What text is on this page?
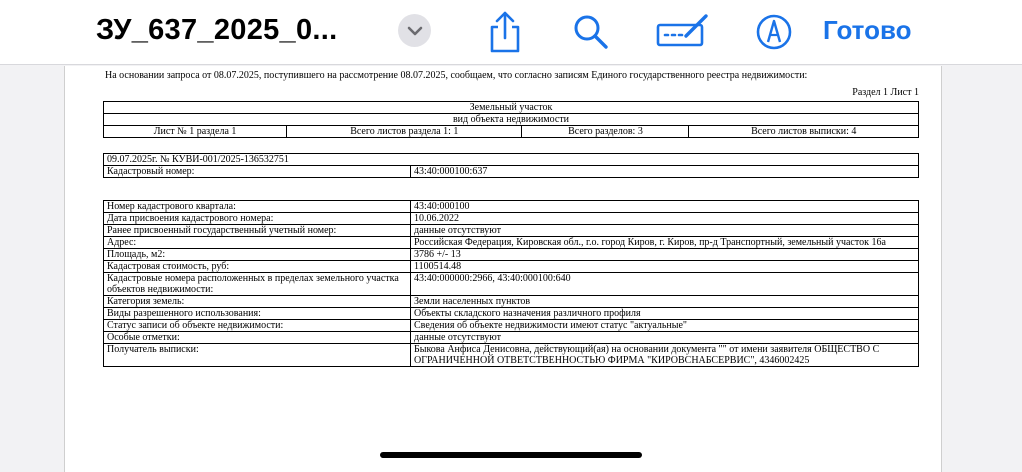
ЗУ_637_2025_0...	Готово
На основании запроса от 08.07.2025, поступившего на рассмотрение 08.07.2025, сообщаем, что согласно записям Единого государственного реестра недвижимости:
Раздел 1 Лист 1
Земельный участок
вид объекта недвижимости
Лист № 1 раздела 1	Всего листов раздела 1: 1	Всего разделов: 3	Всего листов выписки: 4
09.07.2025г. № КУВИ-001/2025-136532751
Кадастровый номер:	43:40:000100:637
Номер кадастрового квартала:	43:40:000100
Дата присвоения кадастрового номера:	10.06.2022
Ранее присвоенный государственный учетный номер:	данные отсутствуют
Адрес:	Российская Федерация, Кировская обл., г.о. город Киров, г. Киров, пр-д Транспортный, земельный участок 16а
Площадь, м2:	3786 +/- 13
Кадастровая стоимость, руб:	1100514.48
Кадастровые номера расположенных в пределах земельного участка объектов недвижимости:	43:40:000000:2966, 43:40:000100:640
Категория земель:	Земли населенных пунктов
Виды разрешенного использования:	Объекты складского назначения различного профиля
Статус записи об объекте недвижимости:	Сведения об объекте недвижимости имеют статус "актуальные"
Особые отметки:	данные отсутствуют
Получатель выписки:	Быкова Анфиса Денисовна, действующий(ая) на основании документа "" от имени заявителя ОБЩЕСТВО С ОГРАНИЧЕННОЙ ОТВЕТСТВЕННОСТЬЮ ФИРМА "КИРОВСНАБСЕРВИС", 4346002425
